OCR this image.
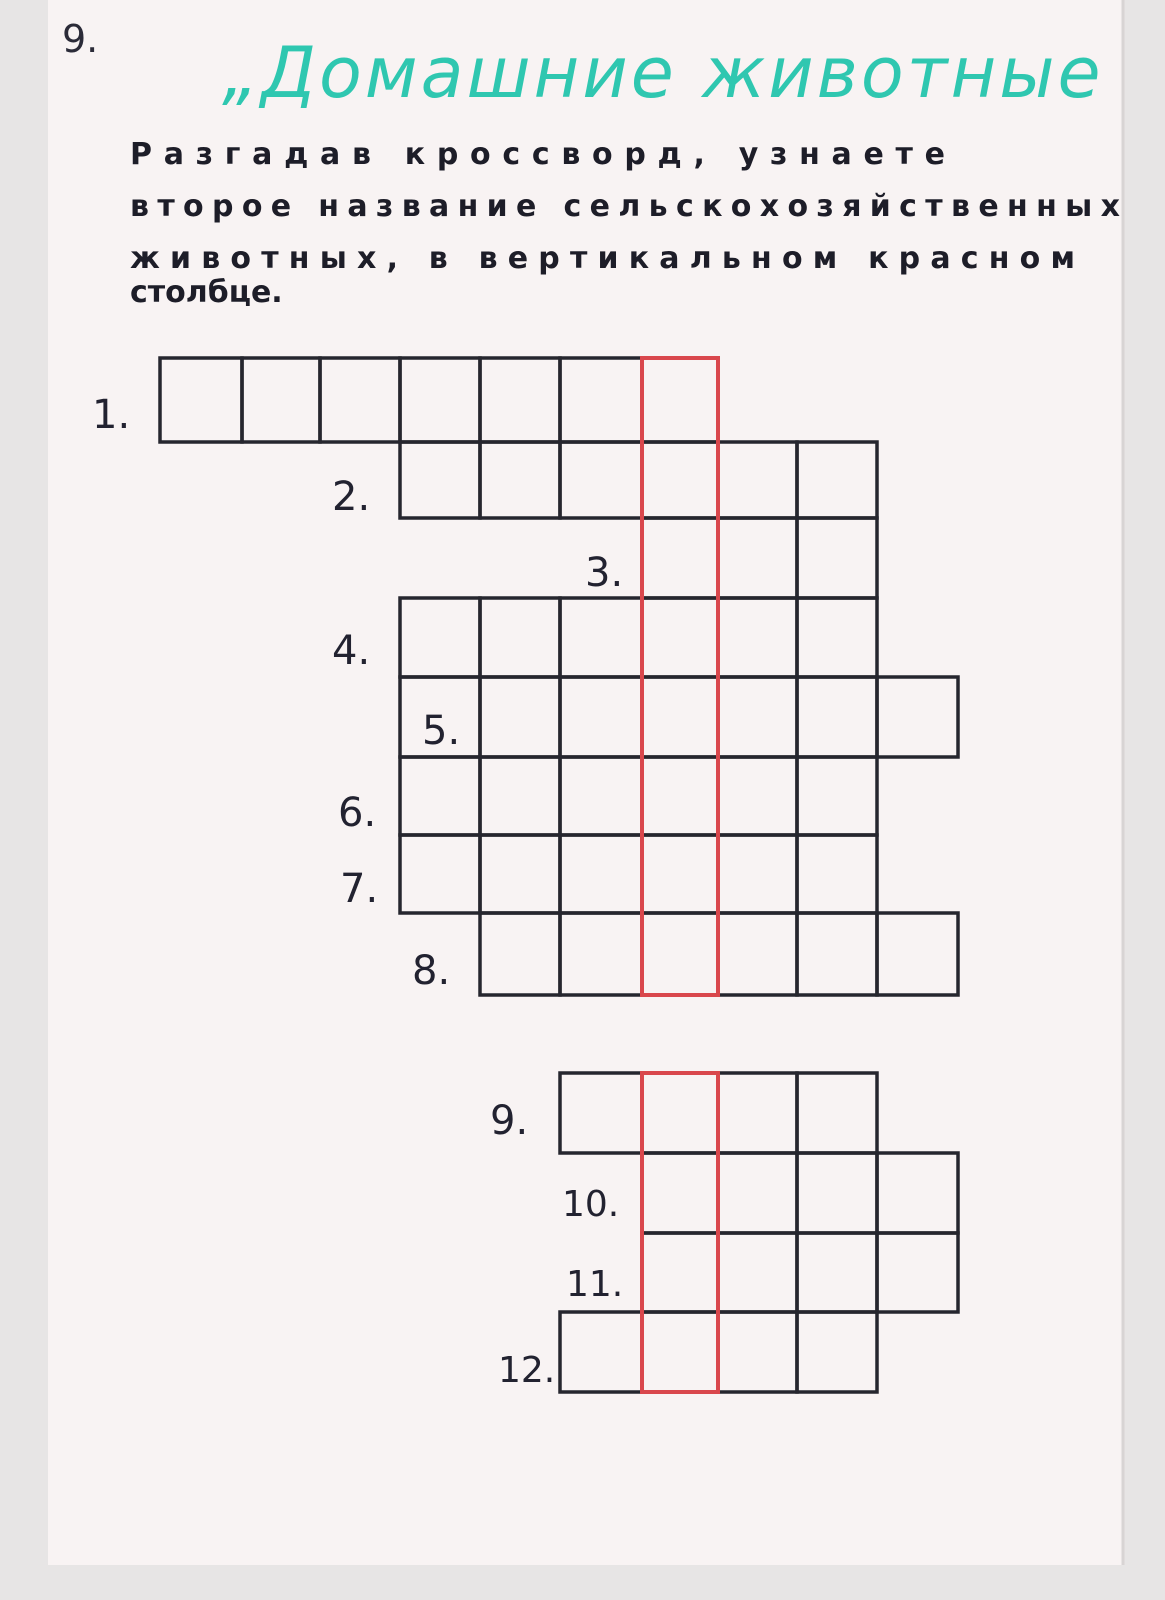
9. „Домашние животные
Разгадав кроссворд, узнаете
второе название сельскохозяйственных
животных, в вертикальном красном
столбце.
1.
2.
3.
4.
5.
6.
7.
8.
9.
10.
11.
12.
